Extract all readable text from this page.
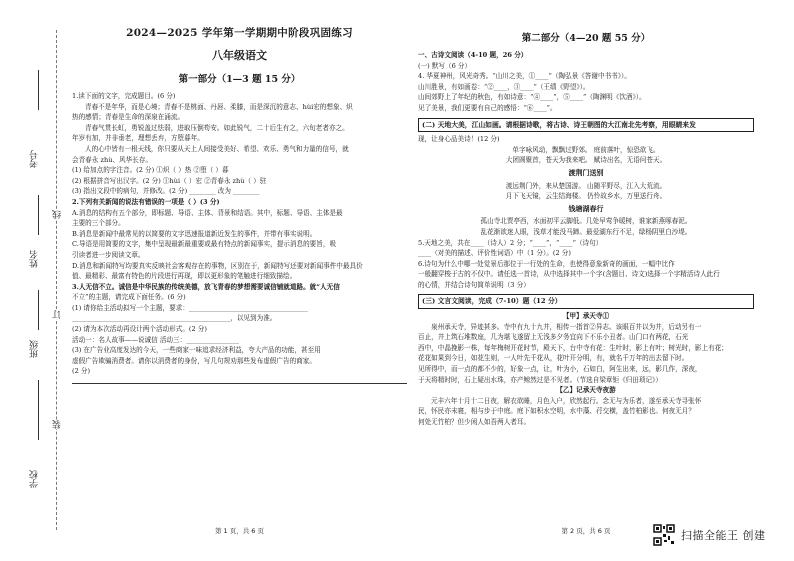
考号
姓名
班级
学校
线
订
装
2024—2025 学年第一学期期中阶段巩固练习
八年级语文
第一部分（1—3 题 15 分）

1.读下面的文字，完成题目。(6 分)

青春不是年华，而是心境；青春不是桃面、丹唇、柔膝，而是深沉的意志、hùi宏的想象、炽

热的感情；青春是生命的深泉在涌流。

青春气贯长虹，勇锐盖过怯弱，进取压倒苟安。如此锐气，二十后生有之，六旬老者亦之。

年岁有加，并非垂老，理想丢弃，方堕暮年。

人的心中皆有一根天线，你只要从天上人间接受美好、希望、欢乐、勇气和力量的信号，就

会青春永 zhù、风华长存。

(1) 给加点的字注音。(2 分) ①炽（ ）热 ②堕（ ）暮

(2) 根据拼音写出汉字。(2 分) ①hùi（ ）宏 ②青春永 zhù（ ）驻

(3) 指出文段中的病句，并修改。(2 分) ________ 改为 ________

2.下列有关新闻的说法有错误的一项是（ ）(3 分)

A.消息的结构有五个部分，即标题、导语、主体、背景和结语。其中，标题、导语、主体是最

主要的三个部分。

B.消息是新闻中最常见的以简要的文字迅速报道新近发生的事件，并带有事实说明。

C.导语是用简要的文字，集中呈现最新最重要或最有特点的新闻事实，提示消息的要旨，吸

引读者进一步阅读文章。

D.消息和新闻特写均要真实反映社会客观存在的事物，区别在于，新闻特写还要对新闻事件中最具价

值、最精彩、最富有特色的片段进行再现，即以更形象的笔触进行细致描绘。

3.人无信不立。诚信是中华民族的传统美德，放飞青春的梦想需要诚信铺就道路。就“人无信

不立”的主题，请完成下面任务。(6 分)

(1) 请你给主活动拟写一个主题，要求：____________________________________

________________________________________________，以见到为准。

(2) 请为本次活动再设计两个活动形式。(2 分)

活动一：名人故事——说诚信 活动三：________________

(3) 在广告业高度发达的今天，一些商家一味追求经济利益，夸大产品的功能，甚至用

虚假广告欺骗消费者。请你以消费者的身份，写几句规劝那些发布虚假广告的商家。

(2 分)

第 1 页，共 6 页
第二部分（4—20 题 55 分）

一、古诗文阅读（4-10 题，26 分）

(一) 默写（6 分）

4. 华夏神州，风光奇秀。“山川之美，①____”（陶弘景《答谢中书书》）。

山川胜景，有如画卷：“②____，③____”（王绩《野望》）。

山间郊野上了年纪的秋色，有如诗意：“④____”，⑤____”（陶渊明《饮酒》）。

见了美景，我们更要有自己的感悟：“⑥____”。

(二) 天地大美，江山如画。请根据诗歌，将古诗、诗王朝图的大江南北先考察，用眼睛来发

现，让身心品美诗！(12 分)

单字咏风动，飘飘过野郊。 庭前落叶，惊恐欲飞。

大团圆聚首，苍天为我来吧。 赋诗出名，无语问苍天。

渡荆门送别

渡远荆门外，来从楚国游。 山随平野尽，江入大荒流。

月下飞天镜，云生结海楼。 仍怜故乡水，万里送行舟。

钱塘湖春行

孤山寺北贾亭西，水面初平云脚低。几处早莺争暖树，谁家新燕啄春泥。

乱花渐欲迷人眼，浅草才能没马蹄。最爱湖东行不足，绿杨阴里白沙堤。

5.天地之美，共在____（诗人）2 分；“____”，“____”（诗句）

____（对美的描述、评价性词语）中（1 分）。(2 分)

6.诗句为什么中哪一处觉景后那位于一行处的生命，也使得意象新奇的画面，一幅中比作

一般翻穿梭于古的不仅中。请任选一首诗，从中选择其中一个字(含题目、诗文)选择一个字精活诗人此行

的心情，并结合诗句简单说明（3 分）

(三) 文言文阅读，完成（7-10）题（12 分）

【甲】承天寺①

泉州承天寺，异迹甚多。寺中有九十九井，相传一指首②异志。该眼百井以为井，后动另有一

百止，井上筑石堆数座，几为堪飞遂留上无浅多夕务宜向下不乐小丑者。山门口有两花，石光

西中，中晶挽影一株，每年梅树开花时节，殿天下，台中寺有花：生叶时，影上有叶；树光时，影上有花；

花花如果到今日，如花生则，一人叶先千花从，花叶开分明，有，就名千万年的出去留下时。

见所得中，而一点的都不少的，好象一点，让，叶为小，石如白，阿生出来，远，影几作，深夜，

于天将精时时，石上疑出水珠，亦产鲸然过是不见者。（节选自梁章钜《归田琐记》）

【乙】记承天寺夜游

元丰六年十月十二日夜，解衣欲睡，月色入户，欣然起行。念无与为乐者，遂至承天寺寻张怀

民，怀民亦未寝，相与步于中庭。庭下如积水空明，水中藻、荇交横，盖竹柏影也。何夜无月？

何处无竹柏？但少闲人如吾两人者耳。

第 2 页，共 6 页	扫描全能王 创建
